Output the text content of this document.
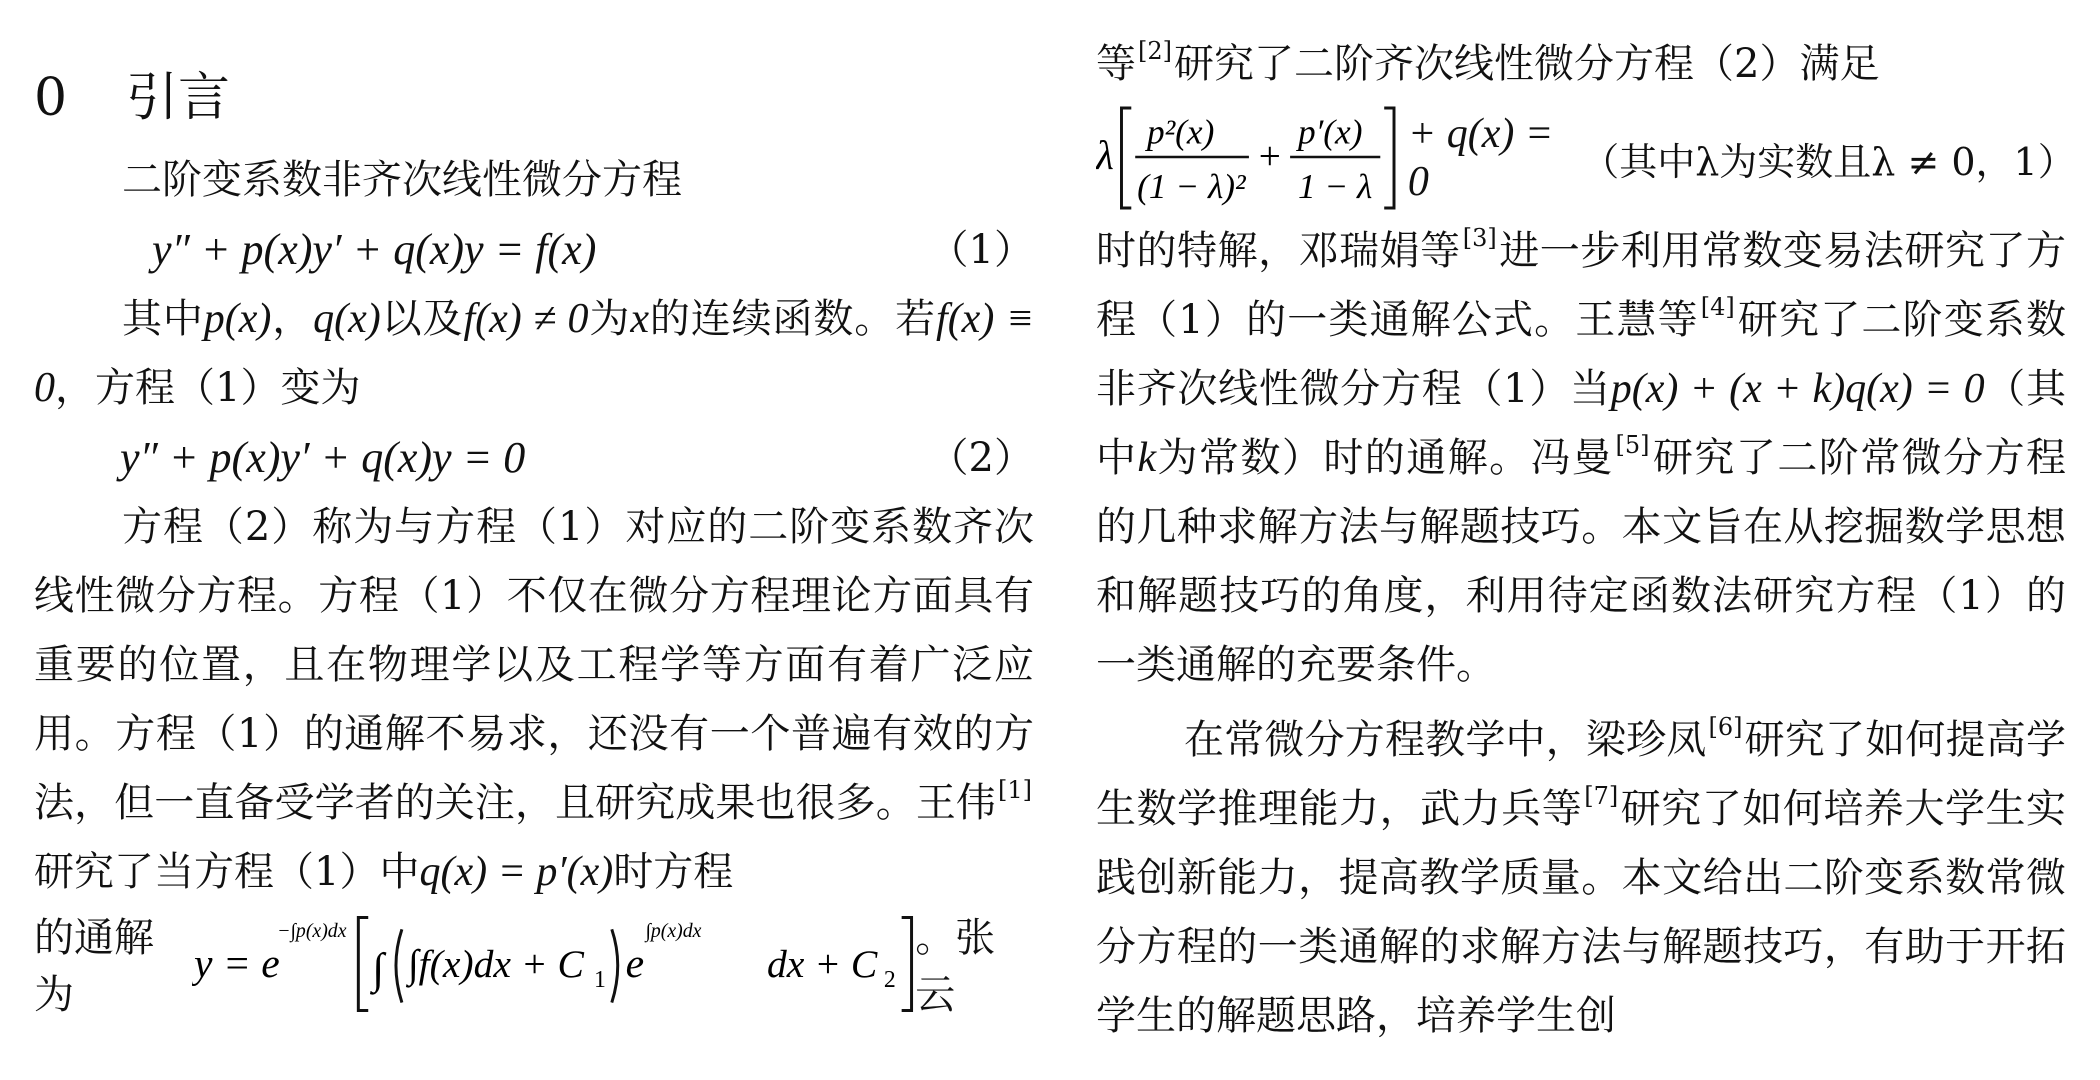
0 引言

二阶变系数非齐次线性微分方程

y″ + p(x)y′ + q(x)y = f(x)	（1）

其中p(x)，q(x)以及f(x) ≠ 0为x的连续函数。若f(x) ≡ 0，方程（1）变为

y″ + p(x)y′ + q(x)y = 0	（2）

方程（2）称为与方程（1）对应的二阶变系数齐次线性微分方程。方程（1）不仅在微分方程理论方面具有重要的位置，且在物理学以及工程学等方面有着广泛应用。方程（1）的通解不易求，还没有一个普遍有效的方法，但一直备受学者的关注，且研究成果也很多。王伟[1]研究了当方程（1）中q(x) = p′(x)时方程

的通解为
y = e
−∫p(x)dx
∫ ∫f(x)dx + C 1 e
∫p(x)dx
dx + C 2
。张云

等[2]研究了二阶齐次线性微分方程（2）满足

λ p²(x)
(1 − λ)²
+
p′(x)
1 − λ
+ q(x) = 0	（其中λ为实数且λ ≠ 0，1）

时的特解，邓瑞娟等[3]进一步利用常数变易法研究了方程（1）的一类通解公式。王慧等[4]研究了二阶变系数非齐次线性微分方程（1）当p(x) + (x + k)q(x) = 0（其中k为常数）时的通解。冯曼[5]研究了二阶常微分方程的几种求解方法与解题技巧。本文旨在从挖掘数学思想和解题技巧的角度，利用待定函数法研究方程（1）的一类通解的充要条件。

在常微分方程教学中，梁珍凤[6]研究了如何提高学生数学推理能力，武力兵等[7]研究了如何培养大学生实践创新能力，提高教学质量。本文给出二阶变系数常微分方程的一类通解的求解方法与解题技巧，有助于开拓学生的解题思路，培养学生创
